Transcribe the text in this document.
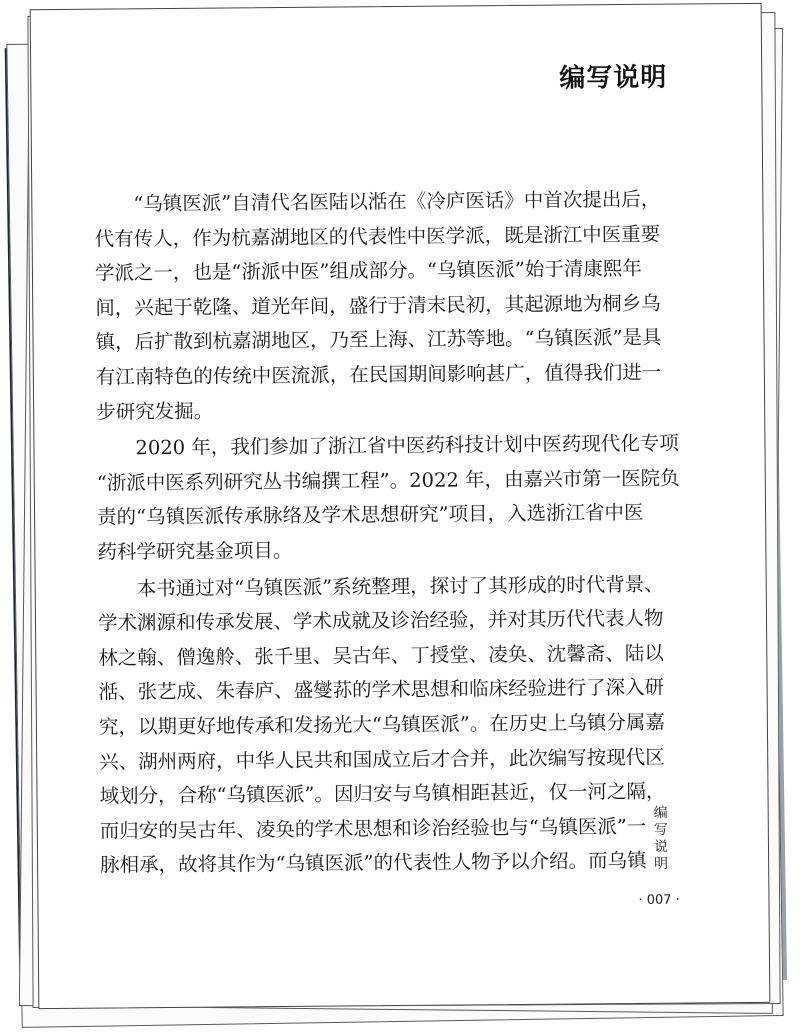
编写说明

“乌镇医派”自清代名医陆以湉在《冷庐医话》中首次提出后，
代有传人，作为杭嘉湖地区的代表性中医学派，既是浙江中医重要
学派之一，也是“浙派中医”组成部分。“乌镇医派”始于清康熙年
间，兴起于乾隆、道光年间，盛行于清末民初，其起源地为桐乡乌
镇，后扩散到杭嘉湖地区，乃至上海、江苏等地。“乌镇医派”是具
有江南特色的传统中医流派，在民国期间影响甚广，值得我们进一
步研究发掘。

2020 年，我们参加了浙江省中医药科技计划中医药现代化专项
“浙派中医系列研究丛书编撰工程”。2022 年，由嘉兴市第一医院负
责的“乌镇医派传承脉络及学术思想研究”项目，入选浙江省中医
药科学研究基金项目。

本书通过对“乌镇医派”系统整理，探讨了其形成的时代背景、
学术渊源和传承发展、学术成就及诊治经验，并对其历代代表人物
林之翰、僧逸舲、张千里、吴古年、丁授堂、凌奂、沈馨斋、陆以
湉、张艺成、朱春庐、盛燮荪的学术思想和临床经验进行了深入研
究，以期更好地传承和发扬光大“乌镇医派”。在历史上乌镇分属嘉
兴、湖州两府，中华人民共和国成立后才合并，此次编写按现代区
域划分，合称“乌镇医派”。因归安与乌镇相距甚近，仅一河之隔，
而归安的吴古年、凌奂的学术思想和诊治经验也与“乌镇医派”一
脉相承，故将其作为“乌镇医派”的代表性人物予以介绍。而乌镇 编写说明
· 007 ·
